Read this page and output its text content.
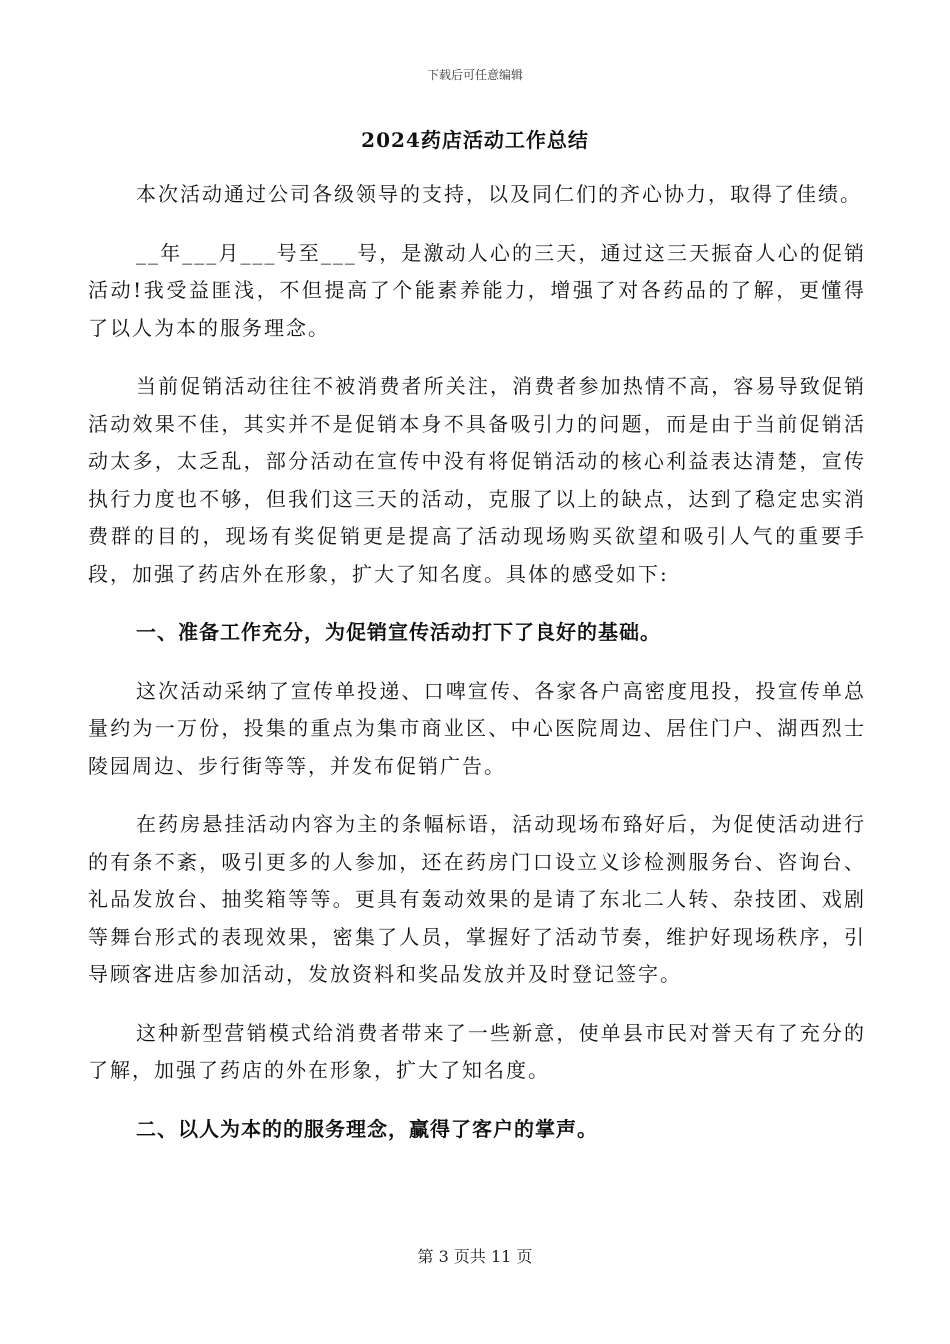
下载后可任意编辑
2024药店活动工作总结

本次活动通过公司各级领导的支持，以及同仁们的齐心协力，取得了佳绩。

__年___月___号至___号，是激动人心的三天，通过这三天振奋人心的促销活动!我受益匪浅，不但提高了个能素养能力，增强了对各药品的了解，更懂得了以人为本的服务理念。

当前促销活动往往不被消费者所关注，消费者参加热情不高，容易导致促销活动效果不佳，其实并不是促销本身不具备吸引力的问题，而是由于当前促销活动太多，太乏乱，部分活动在宣传中没有将促销活动的核心利益表达清楚，宣传执行力度也不够，但我们这三天的活动，克服了以上的缺点，达到了稳定忠实消费群的目的，现场有奖促销更是提高了活动现场购买欲望和吸引人气的重要手段，加强了药店外在形象，扩大了知名度。具体的感受如下:

一、准备工作充分，为促销宣传活动打下了良好的基础。

这次活动采纳了宣传单投递、口啤宣传、各家各户高密度甩投，投宣传单总量约为一万份，投集的重点为集市商业区、中心医院周边、居住门户、湖西烈士陵园周边、步行街等等，并发布促销广告。

在药房悬挂活动内容为主的条幅标语，活动现场布臵好后，为促使活动进行的有条不紊，吸引更多的人参加，还在药房门口设立义诊检测服务台、咨询台、礼品发放台、抽奖箱等等。更具有轰动效果的是请了东北二人转、杂技团、戏剧等舞台形式的表现效果，密集了人员，掌握好了活动节奏，维护好现场秩序，引导顾客进店参加活动，发放资料和奖品发放并及时登记签字。

这种新型营销模式给消费者带来了一些新意，使单县市民对誉天有了充分的了解，加强了药店的外在形象，扩大了知名度。

二、以人为本的的服务理念，赢得了客户的掌声。

第 3 页共 11 页
